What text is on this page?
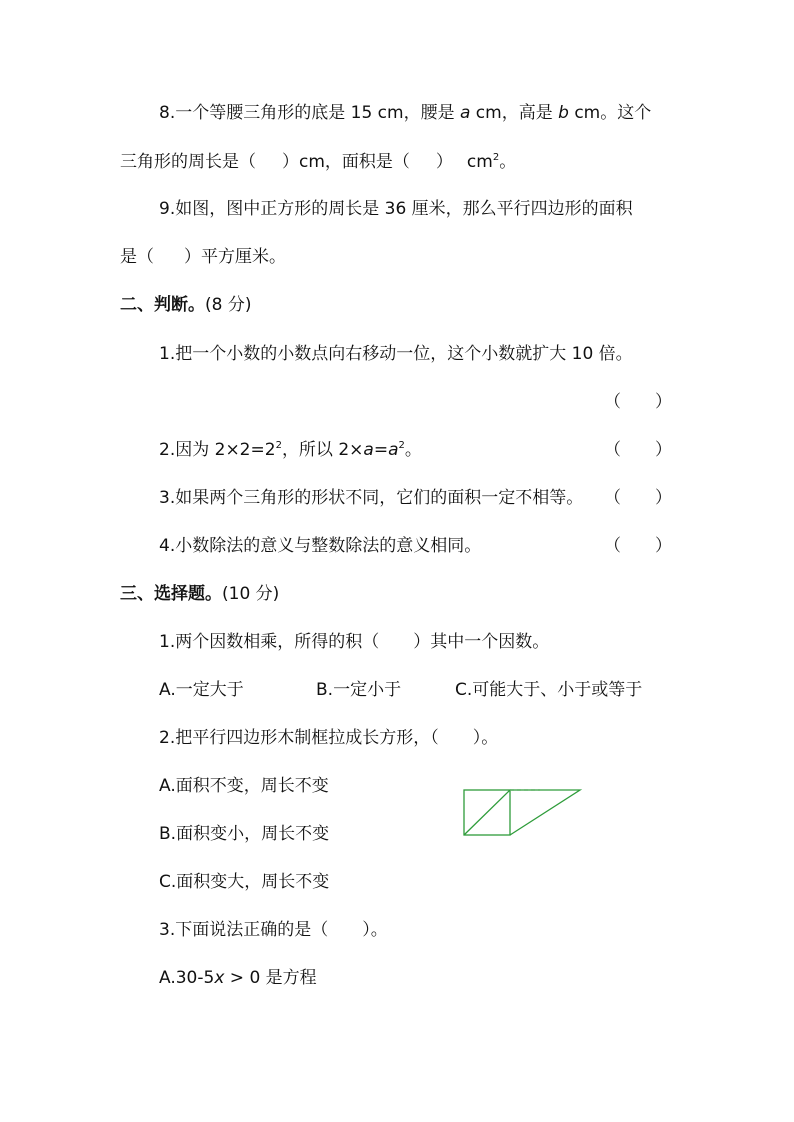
8.一个等腰三角形的底是 15 cm，腰是 a cm，高是 b cm。这个
三角形的周长是（ ）cm，面积是（ ） $cm^2$。
9.如图，图中正方形的周长是 36 厘米，那么平行四边形的面积
是（ ）平方厘米。
二、判断。(8 分)
1.把一个小数的小数点向右移动一位，这个小数就扩大 10 倍。
（　　）
2.因为 $2\times 2=2^2$，所以 $2\times a=a^2$。	（　　）
3.如果两个三角形的形状不同，它们的面积一定不相等。 （　　）
4.小数除法的意义与整数除法的意义相同。	（　　）
三、选择题。(10 分)
1.两个因数相乘，所得的积（　　）其中一个因数。
A.一定大于	B.一定小于	C.可能大于、小于或等于
2.把平行四边形木制框拉成长方形，（　　）。
A.面积不变，周长不变
B.面积变小，周长不变
C.面积变大，周长不变
3.下面说法正确的是（　　）。
A.30-5x > 0 是方程
